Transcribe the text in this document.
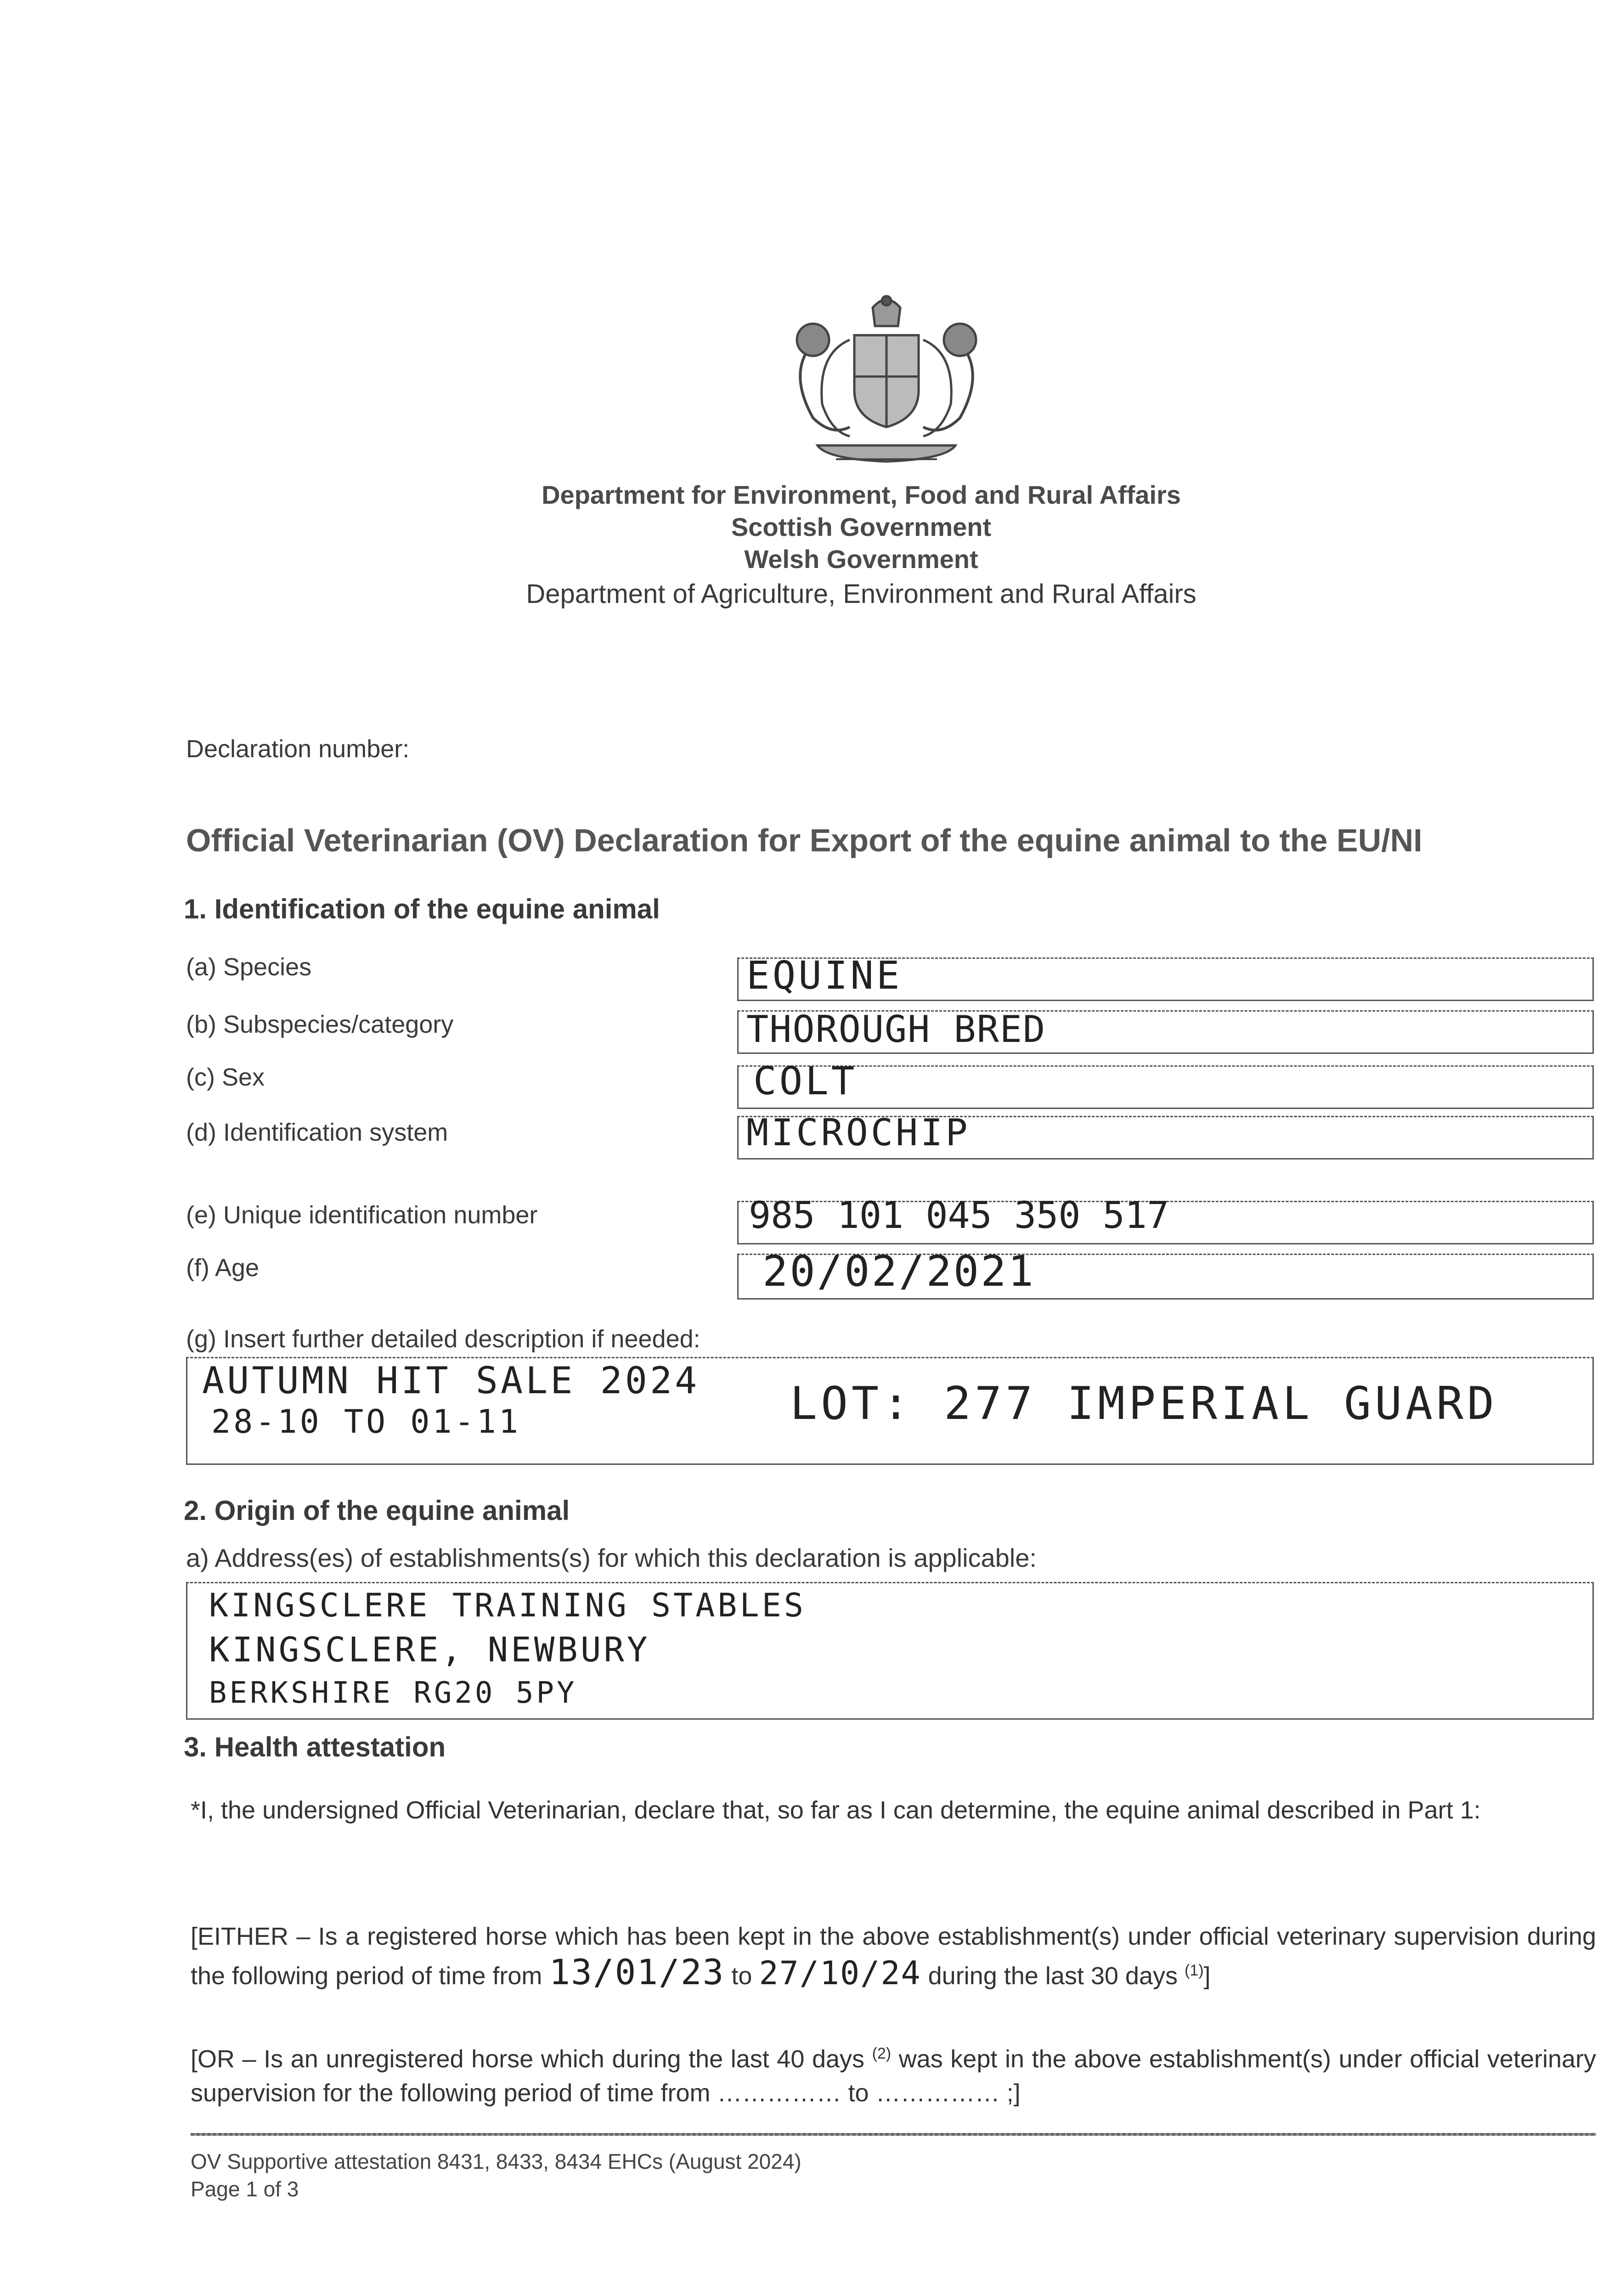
Department for Environment, Food and Rural Affairs
Scottish Government
Welsh Government
Department of Agriculture, Environment and Rural Affairs
Declaration number:
Official Veterinarian (OV) Declaration for Export of the equine animal to the EU/NI
1. Identification of the equine animal
(a) Species
(b) Subspecies/category
(c) Sex
(d) Identification system
(e) Unique identification number
(f) Age
EQUINE
THOROUGH BRED
COLT
MICROCHIP
985 101 045 350 517
20/02/2021
(g) Insert further detailed description if needed:
AUTUMN HIT SALE 2024
28-10 TO 01-11	LOT: 277 IMPERIAL GUARD
2. Origin of the equine animal
a) Address(es) of establishments(s) for which this declaration is applicable:
KINGSCLERE TRAINING STABLES
KINGSCLERE, NEWBURY
BERKSHIRE RG20 5PY
3. Health attestation
*I, the undersigned Official Veterinarian, declare that, so far as I can determine, the equine animal described in Part 1:
[EITHER – Is a registered horse which has been kept in the above establishment(s) under official veterinary supervision during the following period of time from 13/01/23 to 27/10/24 during the last 30 days $^{(1)}$]
[OR – Is an unregistered horse which during the last 40 days $^{(2)}$ was kept in the above establishment(s) under official veterinary supervision for the following period of time from …………… to …………… ;]
OV Supportive attestation 8431, 8433, 8434 EHCs (August 2024)
Page 1 of 3
